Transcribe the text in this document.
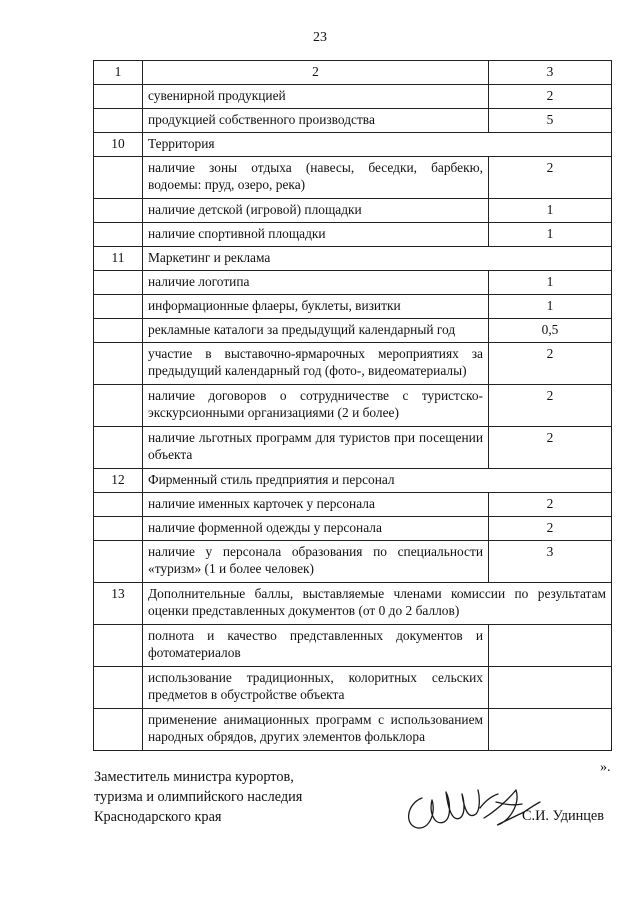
23
1	2	3
	сувенирной продукцией	2
	продукцией собственного производства	5
10	Территория	
	наличие зоны отдыха (навесы, беседки, барбекю, водоемы: пруд, озеро, река)	2
	наличие детской (игровой) площадки	1
	наличие спортивной площадки	1
11	Маркетинг и реклама	
	наличие логотипа	1
	информационные флаеры, буклеты, визитки	1
	рекламные каталоги за предыдущий календарный год	0,5
	участие в выставочно-ярмарочных мероприятиях за предыдущий календарный год (фото-, видеоматериалы)	2
	наличие договоров о сотрудничестве с туристско-экскурсионными организациями (2 и более)	2
	наличие льготных программ для туристов при посещении объекта	2
12	Фирменный стиль предприятия и персонал	
	наличие именных карточек у персонала	2
	наличие форменной одежды у персонала	2
	наличие у персонала образования по специальности «туризм» (1 и более человек)	3
13	Дополнительные баллы, выставляемые членами комиссии по результатам оценки представленных документов (от 0 до 2 баллов)	
	полнота и качество представленных документов и фотоматериалов	
	использование традиционных, колоритных сельских предметов в обустройстве объекта	
	применение анимационных программ с использованием народных обрядов, других элементов фольклора	
».
Заместитель министра курортов,
туризма и олимпийского наследия
Краснодарского края	С.И. Удинцев
